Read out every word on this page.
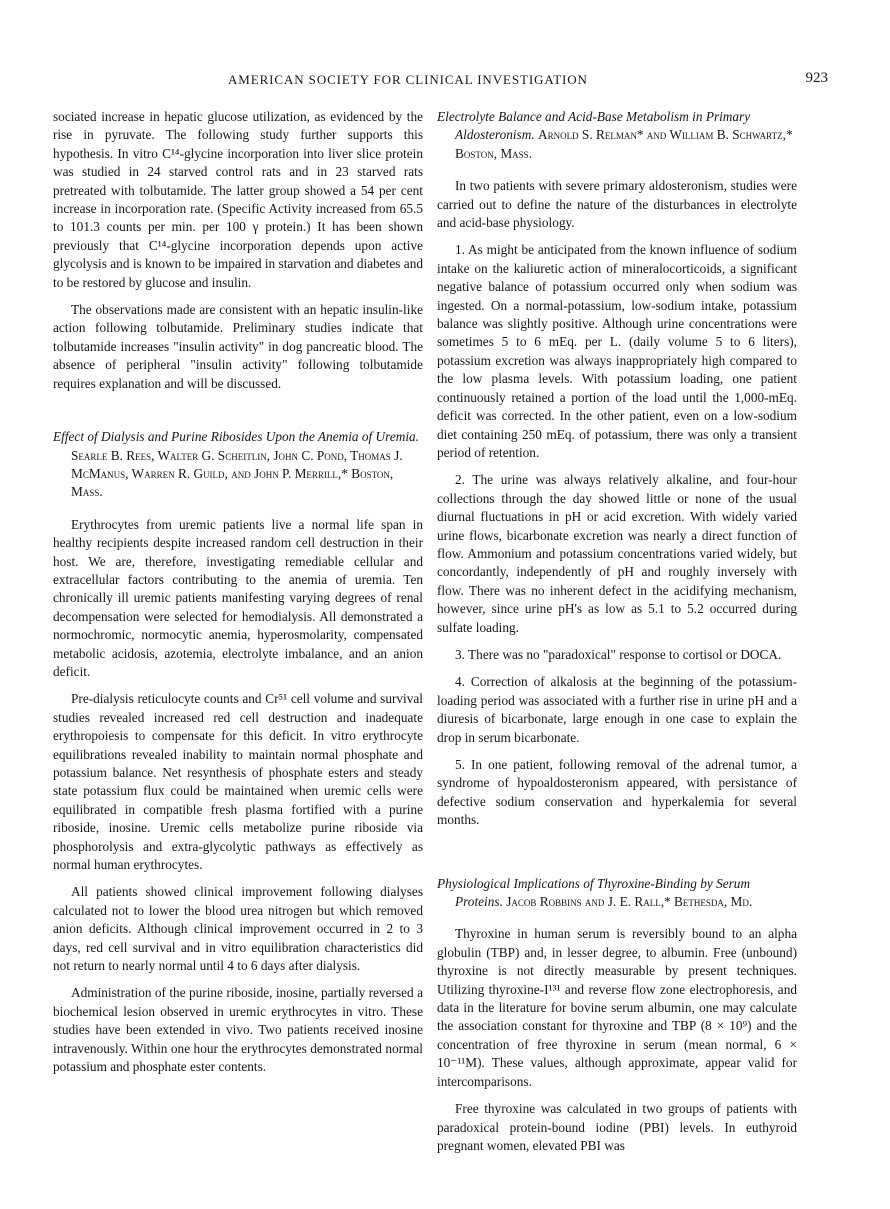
AMERICAN SOCIETY FOR CLINICAL INVESTIGATION	923

sociated increase in hepatic glucose utilization, as evidenced by the rise in pyruvate. The following study further supports this hypothesis. In vitro C¹⁴-glycine incorporation into liver slice protein was studied in 24 starved control rats and in 23 starved rats pretreated with tolbutamide. The latter group showed a 54 per cent increase in incorporation rate. (Specific Activity increased from 65.5 to 101.3 counts per min. per 100 γ protein.) It has been shown previously that C¹⁴-glycine incorporation depends upon active glycolysis and is known to be impaired in starvation and diabetes and to be restored by glucose and insulin.

The observations made are consistent with an hepatic insulin-like action following tolbutamide. Preliminary studies indicate that tolbutamide increases "insulin activity" in dog pancreatic blood. The absence of peripheral "insulin activity" following tolbutamide requires explanation and will be discussed.

Effect of Dialysis and Purine Ribosides Upon the Anemia of Uremia. Searle B. Rees, Walter G. Scheitlin, John C. Pond, Thomas J. McManus, Warren R. Guild, and John P. Merrill,* Boston, Mass.

Erythrocytes from uremic patients live a normal life span in healthy recipients despite increased random cell destruction in their host. We are, therefore, investigating remediable cellular and extracellular factors contributing to the anemia of uremia. Ten chronically ill uremic patients manifesting varying degrees of renal decompensation were selected for hemodialysis. All demonstrated a normochromic, normocytic anemia, hyperosmolarity, compensated metabolic acidosis, azotemia, electrolyte imbalance, and an anion deficit.

Pre-dialysis reticulocyte counts and Cr⁵¹ cell volume and survival studies revealed increased red cell destruction and inadequate erythropoiesis to compensate for this deficit. In vitro erythrocyte equilibrations revealed inability to maintain normal phosphate and potassium balance. Net resynthesis of phosphate esters and steady state potassium flux could be maintained when uremic cells were equilibrated in compatible fresh plasma fortified with a purine riboside, inosine. Uremic cells metabolize purine riboside via phosphorolysis and extra-glycolytic pathways as effectively as normal human erythrocytes.

All patients showed clinical improvement following dialyses calculated not to lower the blood urea nitrogen but which removed anion deficits. Although clinical improvement occurred in 2 to 3 days, red cell survival and in vitro equilibration characteristics did not return to nearly normal until 4 to 6 days after dialysis.

Administration of the purine riboside, inosine, partially reversed a biochemical lesion observed in uremic erythrocytes in vitro. These studies have been extended in vivo. Two patients received inosine intravenously. Within one hour the erythrocytes demonstrated normal potassium and phosphate ester contents.

Electrolyte Balance and Acid-Base Metabolism in Primary Aldosteronism. Arnold S. Relman* and William B. Schwartz,* Boston, Mass.

In two patients with severe primary aldosteronism, studies were carried out to define the nature of the disturbances in electrolyte and acid-base physiology.

1. As might be anticipated from the known influence of sodium intake on the kaliuretic action of mineralocorticoids, a significant negative balance of potassium occurred only when sodium was ingested. On a normal-potassium, low-sodium intake, potassium balance was slightly positive. Although urine concentrations were sometimes 5 to 6 mEq. per L. (daily volume 5 to 6 liters), potassium excretion was always inappropriately high compared to the low plasma levels. With potassium loading, one patient continuously retained a portion of the load until the 1,000-mEq. deficit was corrected. In the other patient, even on a low-sodium diet containing 250 mEq. of potassium, there was only a transient period of retention.

2. The urine was always relatively alkaline, and four-hour collections through the day showed little or none of the usual diurnal fluctuations in pH or acid excretion. With widely varied urine flows, bicarbonate excretion was nearly a direct function of flow. Ammonium and potassium concentrations varied widely, but concordantly, independently of pH and roughly inversely with flow. There was no inherent defect in the acidifying mechanism, however, since urine pH's as low as 5.1 to 5.2 occurred during sulfate loading.

3. There was no "paradoxical" response to cortisol or DOCA.

4. Correction of alkalosis at the beginning of the potassium-loading period was associated with a further rise in urine pH and a diuresis of bicarbonate, large enough in one case to explain the drop in serum bicarbonate.

5. In one patient, following removal of the adrenal tumor, a syndrome of hypoaldosteronism appeared, with persistance of defective sodium conservation and hyperkalemia for several months.

Physiological Implications of Thyroxine-Binding by Serum Proteins. Jacob Robbins and J. E. Rall,* Bethesda, Md.

Thyroxine in human serum is reversibly bound to an alpha globulin (TBP) and, in lesser degree, to albumin. Free (unbound) thyroxine is not directly measurable by present techniques. Utilizing thyroxine-I¹³¹ and reverse flow zone electrophoresis, and data in the literature for bovine serum albumin, one may calculate the association constant for thyroxine and TBP (8 × 10⁹) and the concentration of free thyroxine in serum (mean normal, 6 × 10⁻¹¹M). These values, although approximate, appear valid for intercomparisons.

Free thyroxine was calculated in two groups of patients with paradoxical protein-bound iodine (PBI) levels. In euthyroid pregnant women, elevated PBI was
